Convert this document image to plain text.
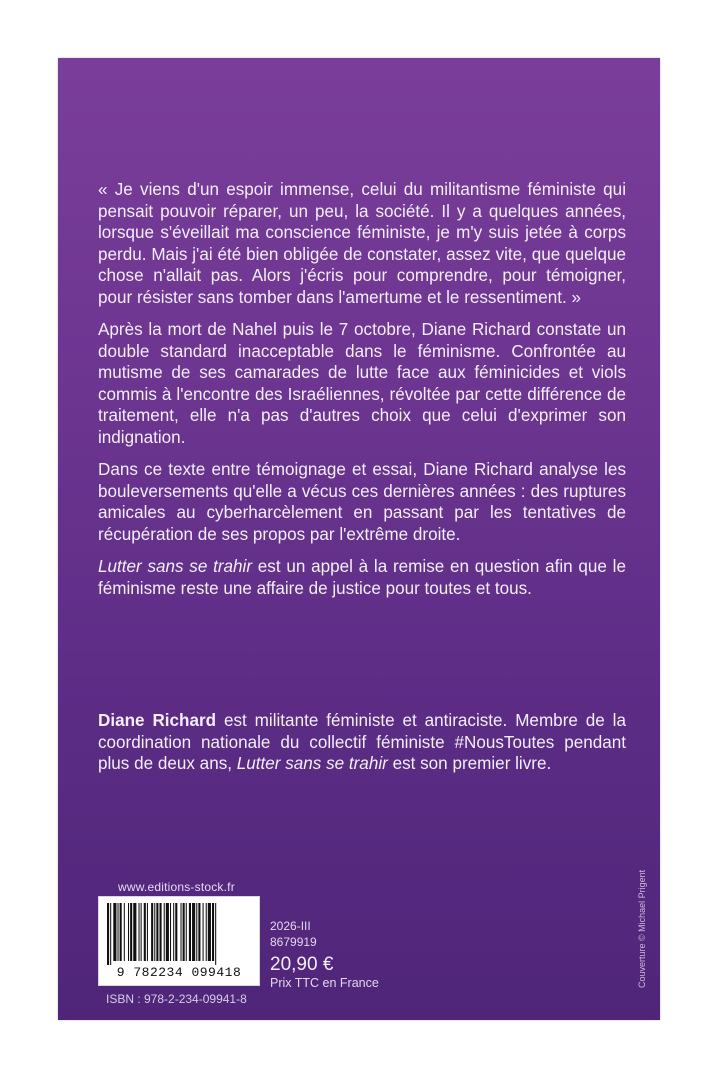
« Je viens d'un espoir immense, celui du militantisme féministe qui pensait pouvoir réparer, un peu, la société. Il y a quelques années, lorsque s'éveillait ma conscience féministe, je m'y suis jetée à corps perdu. Mais j'ai été bien obligée de constater, assez vite, que quelque chose n'allait pas. Alors j'écris pour comprendre, pour témoigner, pour résister sans tomber dans l'amertume et le ressentiment. »

Après la mort de Nahel puis le 7 octobre, Diane Richard constate un double standard inacceptable dans le féminisme. Confrontée au mutisme de ses camarades de lutte face aux féminicides et viols commis à l'encontre des Israéliennes, révoltée par cette différence de traitement, elle n'a pas d'autres choix que celui d'exprimer son indignation.

Dans ce texte entre témoignage et essai, Diane Richard analyse les bouleversements qu'elle a vécus ces dernières années : des ruptures amicales au cyberharcèlement en passant par les tentatives de récupération de ses propos par l'extrême droite.

Lutter sans se trahir est un appel à la remise en question afin que le féminisme reste une affaire de justice pour toutes et tous.

Diane Richard est militante féministe et antiraciste. Membre de la coordination nationale du collectif féministe #NousToutes pendant plus de deux ans, Lutter sans se trahir est son premier livre.

www.editions-stock.fr
9 782234 099418
ISBN : 978-2-234-09941-8
2026-III
8679919
20,90 €
Prix TTC en France	Couverture © Michael Prigent
